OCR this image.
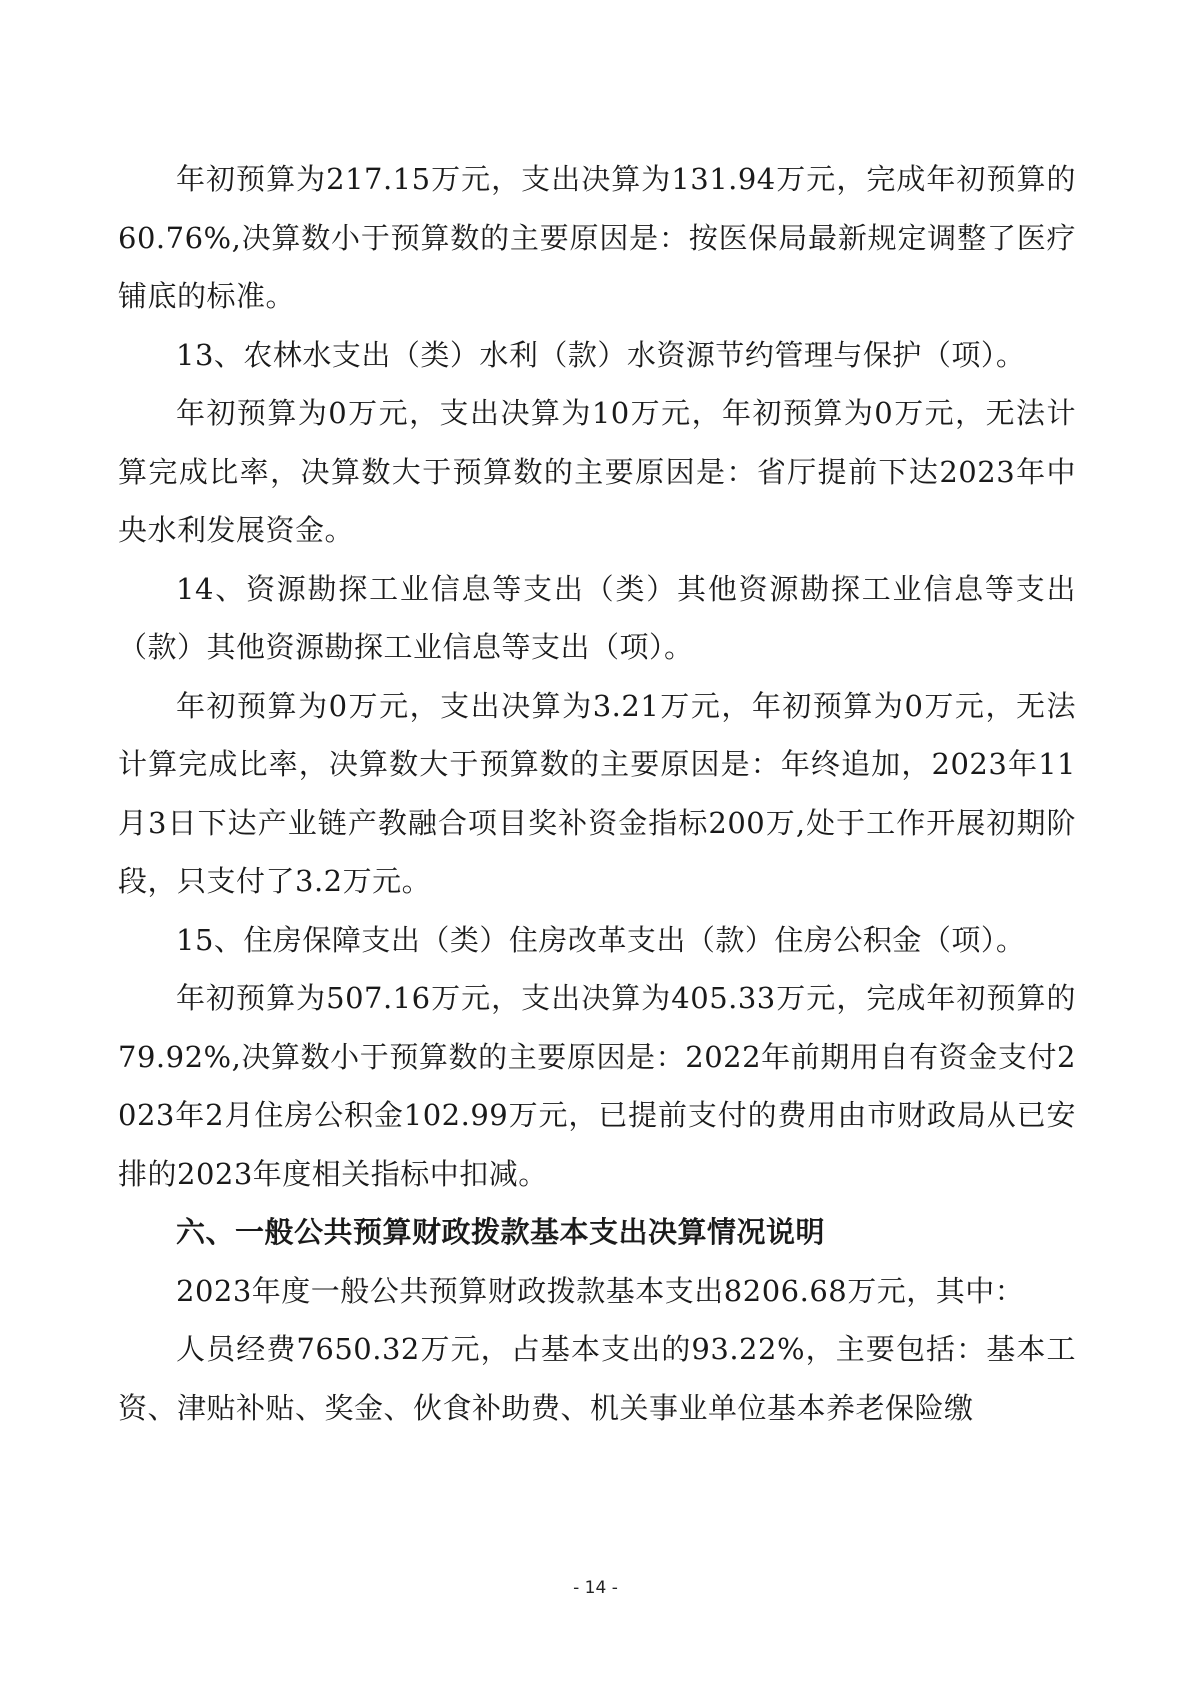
年初预算为217.15万元，支出决算为131.94万元，完成年初预算的60.76%,决算数小于预算数的主要原因是：按医保局最新规定调整了医疗铺底的标准。

13、农林水支出（类）水利（款）水资源节约管理与保护（项）。

年初预算为0万元，支出决算为10万元，年初预算为0万元，无法计算完成比率，决算数大于预算数的主要原因是：省厅提前下达2023年中央水利发展资金。

14、资源勘探工业信息等支出（类）其他资源勘探工业信息等支出（款）其他资源勘探工业信息等支出（项）。

年初预算为0万元，支出决算为3.21万元，年初预算为0万元，无法计算完成比率，决算数大于预算数的主要原因是：年终追加，2023年11月3日下达产业链产教融合项目奖补资金指标200万,处于工作开展初期阶段，只支付了3.2万元。

15、住房保障支出（类）住房改革支出（款）住房公积金（项）。

年初预算为507.16万元，支出决算为405.33万元，完成年初预算的79.92%,决算数小于预算数的主要原因是：2022年前期用自有资金支付2023年2月住房公积金102.99万元，已提前支付的费用由市财政局从已安排的2023年度相关指标中扣减。

六、一般公共预算财政拨款基本支出决算情况说明

2023年度一般公共预算财政拨款基本支出8206.68万元，其中：

人员经费7650.32万元，占基本支出的93.22%，主要包括：基本工资、津贴补贴、奖金、伙食补助费、机关事业单位基本养老保险缴

- 14 -
